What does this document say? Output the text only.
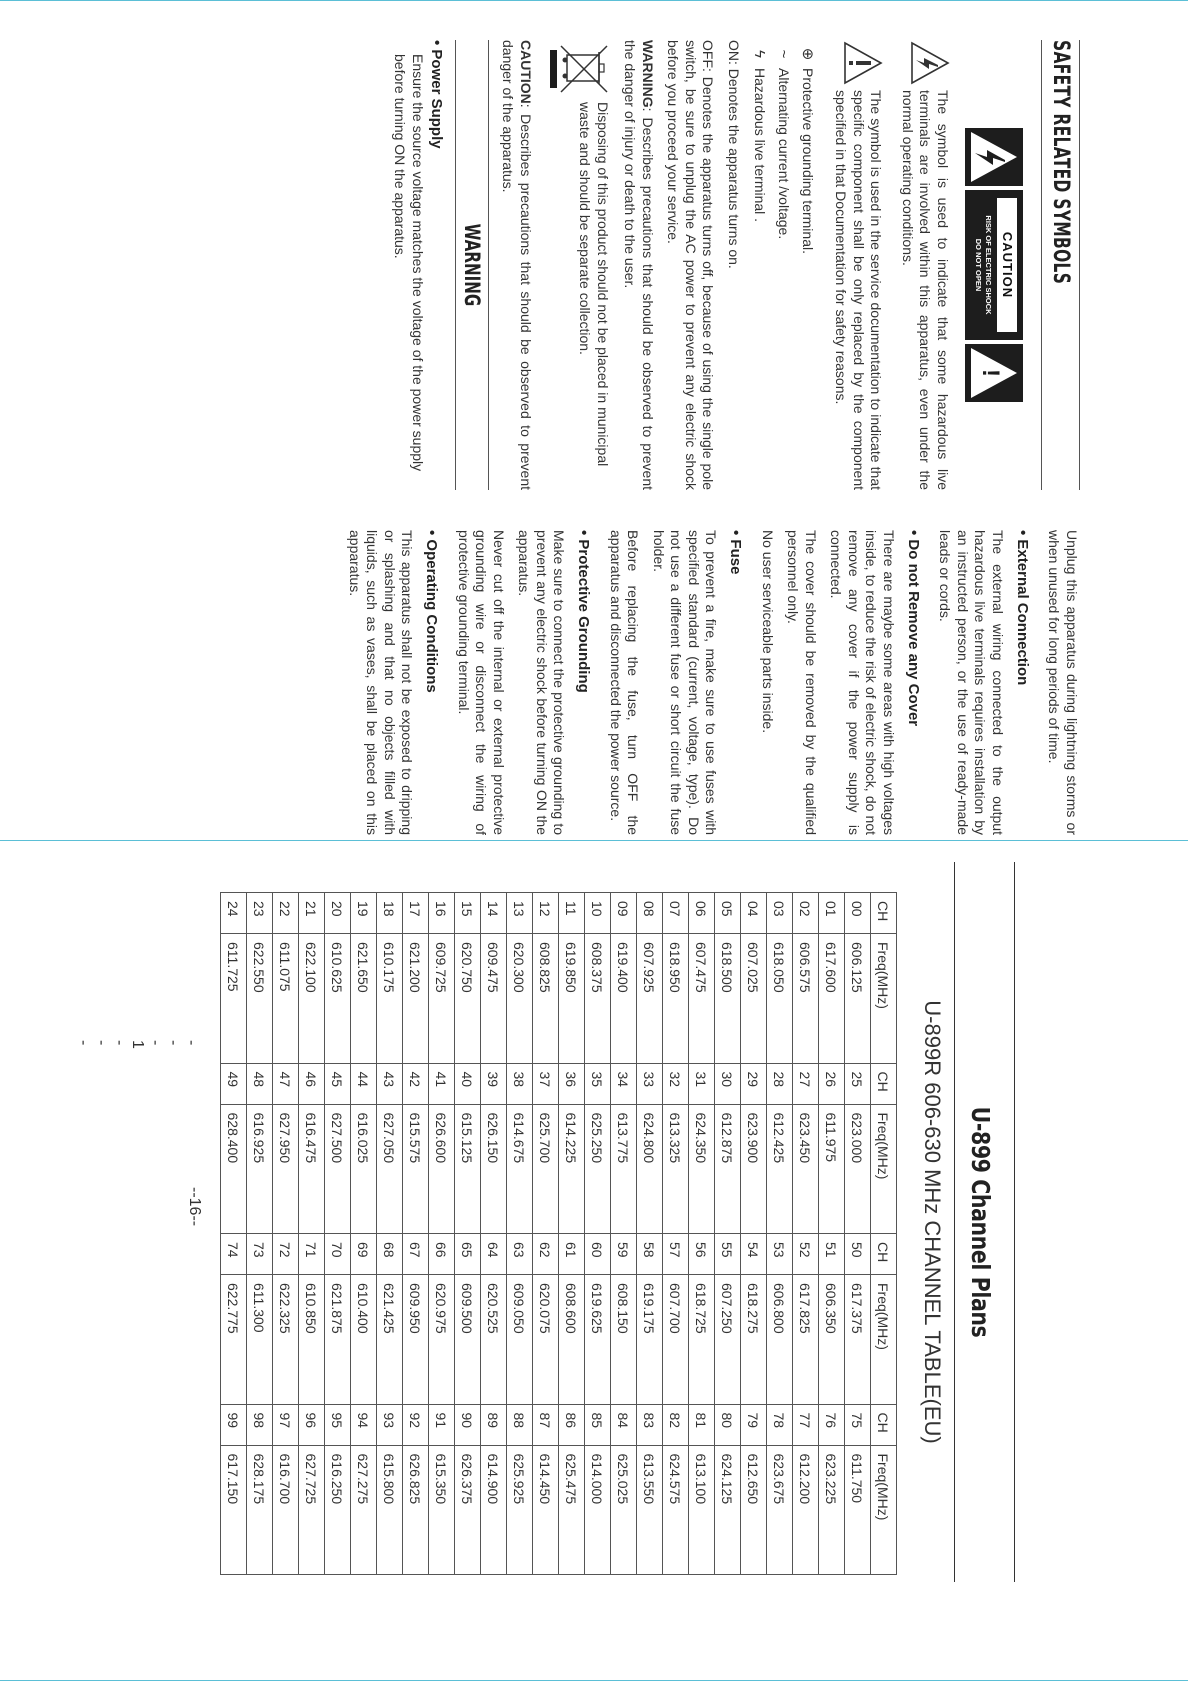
U-899 Channel Plans
U-899R 606-630 MHz CHANNEL TABLE(EU)
CH	Freq(MHz)	CH	Freq(MHz)	CH	Freq(MHz)	CH	Freq(MHz)
00	606.125	25	623.000	50	617.375	75	611.750
01	617.600	26	611.975	51	606.350	76	623.225
02	606.575	27	623.450	52	617.825	77	612.200
03	618.050	28	612.425	53	606.800	78	623.675
04	607.025	29	623.900	54	618.275	79	612.650
05	618.500	30	612.875	55	607.250	80	624.125
06	607.475	31	624.350	56	618.725	81	613.100
07	618.950	32	613.325	57	607.700	82	624.575
08	607.925	33	624.800	58	619.175	83	613.550
09	619.400	34	613.775	59	608.150	84	625.025
10	608.375	35	625.250	60	619.625	85	614.000
11	619.850	36	614.225	61	608.600	86	625.475
12	608.825	37	625.700	62	620.075	87	614.450
13	620.300	38	614.675	63	609.050	88	625.925
14	609.475	39	626.150	64	620.525	89	614.900
15	620.750	40	615.125	65	609.500	90	626.375
16	609.725	41	626.600	66	620.975	91	615.350
17	621.200	42	615.575	67	609.950	92	626.825
18	610.175	43	627.050	68	621.425	93	615.800
19	621.650	44	616.025	69	610.400	94	627.275
20	610.625	45	627.500	70	621.875	95	616.250
21	622.100	46	616.475	71	610.850	96	627.725
22	611.075	47	627.950	72	622.325	97	616.700
23	622.550	48	616.925	73	611.300	98	628.175
24	611.725	49	628.400	74	622.775	99	617.150
--16--
SAFETY RELATED SYMBOLS
CAUTION
RISK OF ELECTRIC SHOCK
DO NOT OPEN
!

The symbol is used to indicate that some hazardous live terminals are involved within this apparatus, even under the normal operating conditions.

The symbol is used in the service documentation to indicate that specific component shall be only replaced by the component specified in that Documentation for safety reasons.

⊕
Protective grounding terminal.
~
Alternating current /voltage.
ϟ
Hazardous live terminal .

ON: Denotes the apparatus turns on.

OFF: Denotes the apparatus turns off, because of using the single pole switch, be sure to unplug the AC power to prevent any electric shock before you proceed your service.

WARNING: Describes precautions that should be observed to prevent the danger of injury or death to the user.

Disposing of this product should not be placed in municipal waste and should be separate collection.

CAUTION: Describes precautions that should be observed to prevent danger of the apparatus.

WARNING
• Power Supply

Ensure the source voltage matches the voltage of the power supply before turning ON the apparatus.

Unplug this apparatus during lightning storms or when unused for long periods of time.

• External Connection

The external wiring connected to the output hazardous live terminals requires installation by an instructed person, or the use of ready-made leads or cords.

• Do not Remove any Cover

There are maybe some areas with high voltages inside, to reduce the risk of electric shock, do not remove any cover if the power supply is connected.

The cover should be removed by the qualified personnel only.

No user serviceable parts inside.

• Fuse

To prevent a fire, make sure to use fuses with specified standard (current, voltage, type). Do not use a different fuse or short circuit the fuse holder.

Before replacing the fuse, turn OFF the apparatus and disconnected the power source.

• Protective Grounding

Make sure to connect the protective grounding to prevent any electric shock before turning ON the apparatus.

Never cut off the internal or external protective grounding wire or disconnect the wiring of protective grounding terminal.

• Operating Conditions

This apparatus shall not be exposed to dripping or splashing and that no objects filled with liquids, such as vases, shall be placed on this apparatus.

--- 1 ---
